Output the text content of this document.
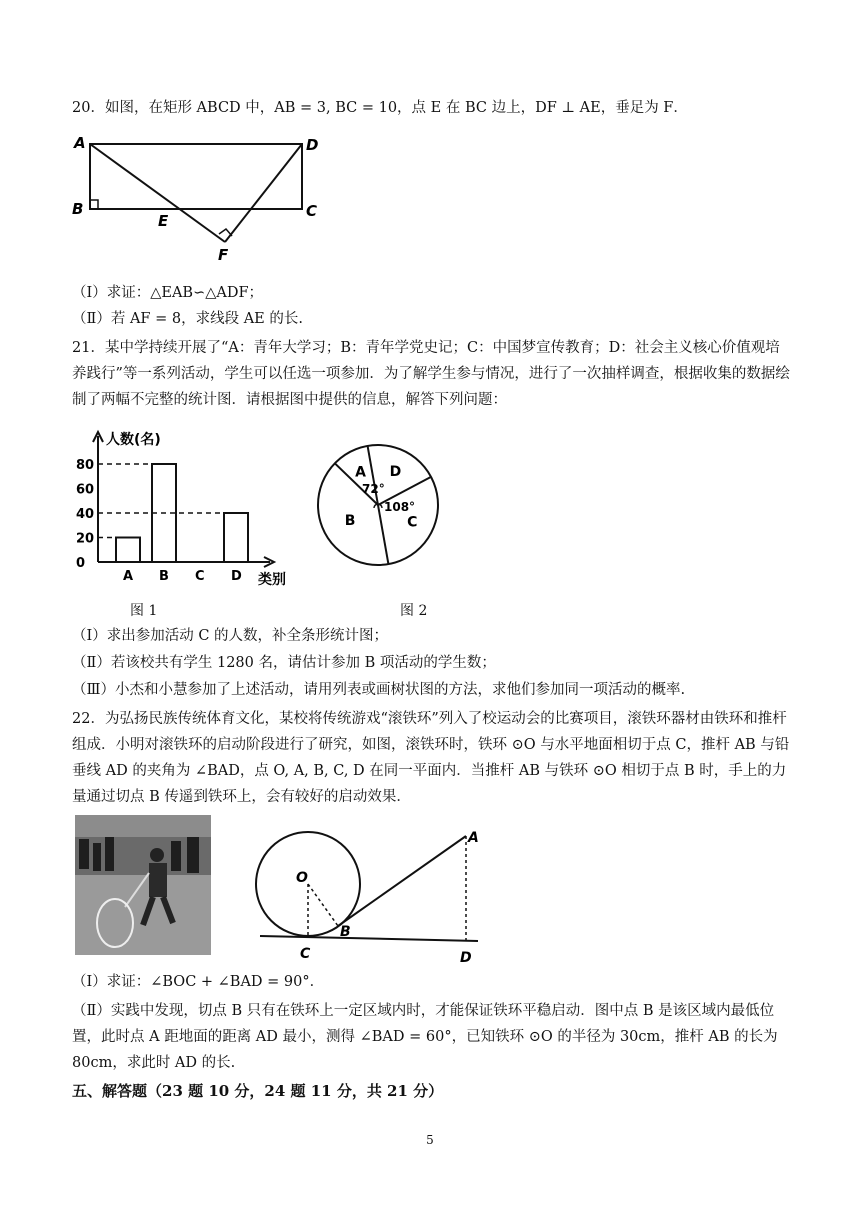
20．如图，在矩形 ABCD 中，AB = 3, BC = 10，点 E 在 BC 边上，DF ⊥ AE，垂足为 F．
A	D
B	C
E
F
（Ⅰ）求证：△EAB∽△ADF；
（Ⅱ）若 AF = 8，求线段 AE 的长.
21．某中学持续开展了“A：青年大学习；B：青年学党史记；C：中国梦宣传教育；D：社会主义核心价值观培养践行”等一系列活动，学生可以任选一项参加．为了解学生参与情况，进行了一次抽样调查，根据收集的数据绘制了两幅不完整的统计图．请根据图中提供的信息，解答下列问题：
人数(名)
类别
0
20
40
60
80
A B C D
D
C
B
A
72°
108°
图 1	图 2
（Ⅰ）求出参加活动 C 的人数，补全条形统计图；
（Ⅱ）若该校共有学生 1280 名，请估计参加 B 项活动的学生数；
（Ⅲ）小杰和小慧参加了上述活动，请用列表或画树状图的方法，求他们参加同一项活动的概率.
22．为弘扬民族传统体育文化，某校将传统游戏“滚铁环”列入了校运动会的比赛项目，滚铁环器材由铁环和推杆组成．小明对滚铁环的启动阶段进行了研究，如图，滚铁环时，铁环 ⊙O 与水平地面相切于点 C，推杆 AB 与铅垂线 AD 的夹角为 ∠BAD，点 O, A, B, C, D 在同一平面内．当推杆 AB 与铁环 ⊙O 相切于点 B 时，手上的力量通过切点 B 传遥到铁环上，会有较好的启动效果．
O
A
B
C	D
（Ⅰ）求证：∠BOC + ∠BAD = 90°．
（Ⅱ）实践中发现，切点 B 只有在铁环上一定区域内时，才能保证铁环平稳启动．图中点 B 是该区域内最低位置，此时点 A 距地面的距离 AD 最小，测得 ∠BAD = 60°，已知铁环 ⊙O 的半径为 30cm，推杆 AB 的长为 80cm，求此时 AD 的长.
五、解答题（23 题 10 分，24 题 11 分，共 21 分）
5
